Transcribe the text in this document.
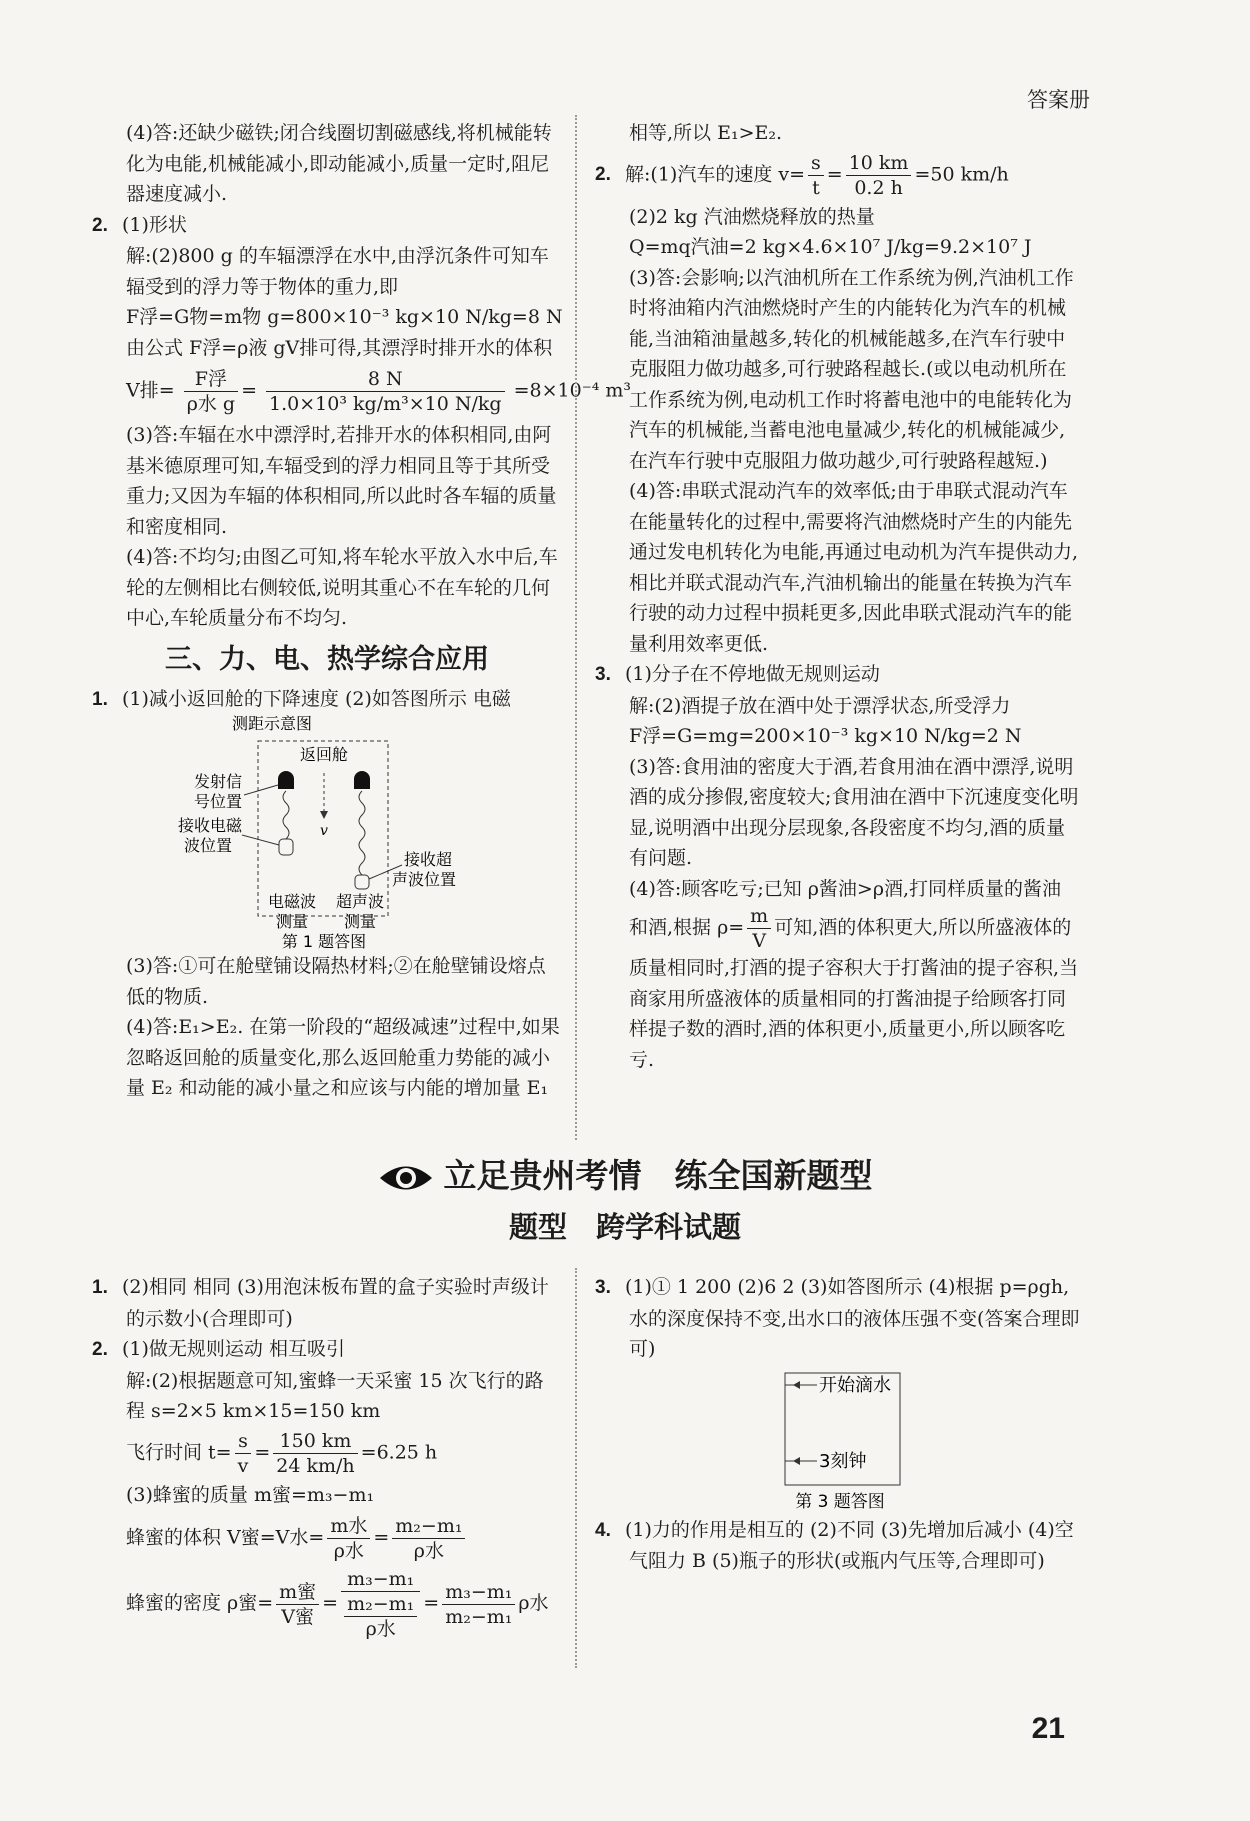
答案册

(4)答:还缺少磁铁;闭合线圈切割磁感线,将机械能转化为电能,机械能减小,即动能减小,质量一定时,阻尼器速度减小.

2. (1)形状

解:(2)800 g 的车辐漂浮在水中,由浮沉条件可知车辐受到的浮力等于物体的重力,即

F浮=G物=m物 g=800×10⁻³ kg×10 N/kg=8 N

由公式 F浮=ρ液 gV排可得,其漂浮时排开水的体积

V排= $\frac{\text{F浮}}{\text{ρ水 g}} = \frac{8 N}{\text{1.0×10³ kg/m³×10 N/kg}} =8\times 10^{-4}$ m³

(3)答:车辐在水中漂浮时,若排开水的体积相同,由阿基米德原理可知,车辐受到的浮力相同且等于其所受重力;又因为车辐的体积相同,所以此时各车辐的质量和密度相同.

(4)答:不均匀;由图乙可知,将车轮水平放入水中后,车轮的左侧相比右侧较低,说明其重心不在车轮的几何中心,车轮质量分布不均匀.

三、力、电、热学综合应用

1. (1)减小返回舱的下降速度 (2)如答图所示 电磁

测距示意图
返回舱
v
发射信
号位置
接收电磁
波位置
接收超
声波位置
电磁波
测量
超声波
测量
第 1 题答图

(3)答:①可在舱壁铺设隔热材料;②在舱壁铺设熔点低的物质.

(4)答:E₁>E₂. 在第一阶段的“超级减速”过程中,如果忽略返回舱的质量变化,那么返回舱重力势能的减小量 E₂ 和动能的减小量之和应该与内能的增加量 E₁

相等,所以 E₁>E₂.

2. 解:(1)汽车的速度 $v= \frac{s}{t} = \frac{10 km}{0.2 h} =50$ km/h

(2)2 kg 汽油燃烧释放的热量

Q=mq汽油=2 kg×4.6×10⁷ J/kg=9.2×10⁷ J

(3)答:会影响;以汽油机所在工作系统为例,汽油机工作时将油箱内汽油燃烧时产生的内能转化为汽车的机械能,当油箱油量越多,转化的机械能越多,在汽车行驶中克服阻力做功越多,可行驶路程越长.(或以电动机所在工作系统为例,电动机工作时将蓄电池中的电能转化为汽车的机械能,当蓄电池电量减少,转化的机械能减少,在汽车行驶中克服阻力做功越少,可行驶路程越短.)

(4)答:串联式混动汽车的效率低;由于串联式混动汽车在能量转化的过程中,需要将汽油燃烧时产生的内能先通过发电机转化为电能,再通过电动机为汽车提供动力,相比并联式混动汽车,汽油机输出的能量在转换为汽车行驶的动力过程中损耗更多,因此串联式混动汽车的能量利用效率更低.

3. (1)分子在不停地做无规则运动

解:(2)酒提子放在酒中处于漂浮状态,所受浮力

F浮=G=mg=200×10⁻³ kg×10 N/kg=2 N

(3)答:食用油的密度大于酒,若食用油在酒中漂浮,说明酒的成分掺假,密度较大;食用油在酒中下沉速度变化明显,说明酒中出现分层现象,各段密度不均匀,酒的质量有问题.

(4)答:顾客吃亏;已知 ρ酱油>ρ酒,打同样质量的酱油和酒,根据 $\rho= \frac{m}{V}$ 可知,酒的体积更大,所以所盛液体的质量相同时,打酒的提子容积大于打酱油的提子容积,当商家用所盛液体的质量相同的打酱油提子给顾客打同样提子数的酒时,酒的体积更小,质量更小,所以顾客吃亏.

立足贵州考情　练全国新题型
题型　跨学科试题

1. (2)相同 相同 (3)用泡沫板布置的盒子实验时声级计的示数小(合理即可)

2. (1)做无规则运动 相互吸引

解:(2)根据题意可知,蜜蜂一天采蜜 15 次飞行的路程 s=2×5 km×15=150 km

飞行时间 $t= \frac{s}{v} = \frac{150 km}{24 km/h} =6.25$ h

(3)蜂蜜的质量 m蜜=m₃−m₁

蜂蜜的体积 V蜜=V水= $\frac{\text{m水}}{\text{ρ水}} = \frac{\text{m₂−m₁}}{\text{ρ水}}$

蜂蜜的密度 ρ蜜= $\frac{\text{m蜜}}{\text{V蜜}} = \frac{\text{m₃−m₁}}{\frac{\text{m₂−m₁}}{\text{ρ水}}} = \frac{\text{m₃−m₁}}{\text{m₂−m₁}}$ ρ水

3. (1)① 1 200 (2)6 2 (3)如答图所示 (4)根据 p=ρgh,水的深度保持不变,出水口的液体压强不变(答案合理即可)

开始滴水
3刻钟
第 3 题答图

4. (1)力的作用是相互的 (2)不同 (3)先增加后减小 (4)空气阻力 B (5)瓶子的形状(或瓶内气压等,合理即可)

21
